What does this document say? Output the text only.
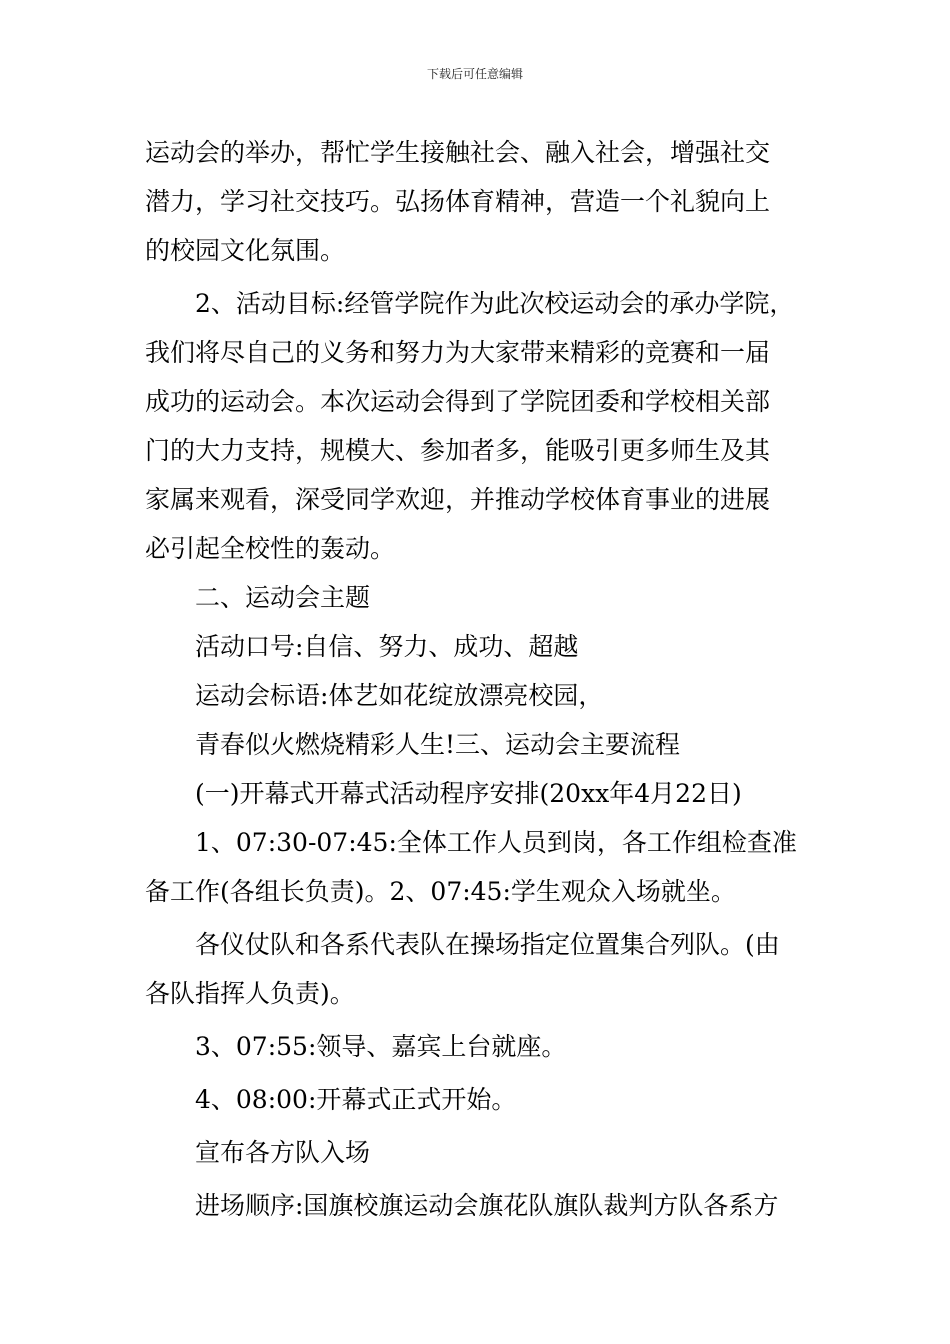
下载后可任意编辑

运动会的举办，帮忙学生接触社会、融入社会，增强社交

潜力，学习社交技巧。弘扬体育精神，营造一个礼貌向上

的校园文化氛围。

2、活动目标:经管学院作为此次校运动会的承办学院，

我们将尽自己的义务和努力为大家带来精彩的竞赛和一届

成功的运动会。本次运动会得到了学院团委和学校相关部

门的大力支持，规模大、参加者多，能吸引更多师生及其

家属来观看，深受同学欢迎，并推动学校体育事业的进展

必引起全校性的轰动。

二、运动会主题

活动口号:自信、努力、成功、超越

运动会标语:体艺如花绽放漂亮校园，

青春似火燃烧精彩人生!三、运动会主要流程

(一)开幕式开幕式活动程序安排(20xx年4月22日)

1、07:30-07:45:全体工作人员到岗，各工作组检查准

备工作(各组长负责)。2、07:45:学生观众入场就坐。

各仪仗队和各系代表队在操场指定位置集合列队。(由

各队指挥人负责)。

3、07:55:领导、嘉宾上台就座。

4、08:00:开幕式正式开始。

宣布各方队入场

进场顺序:国旗校旗运动会旗花队旗队裁判方队各系方
